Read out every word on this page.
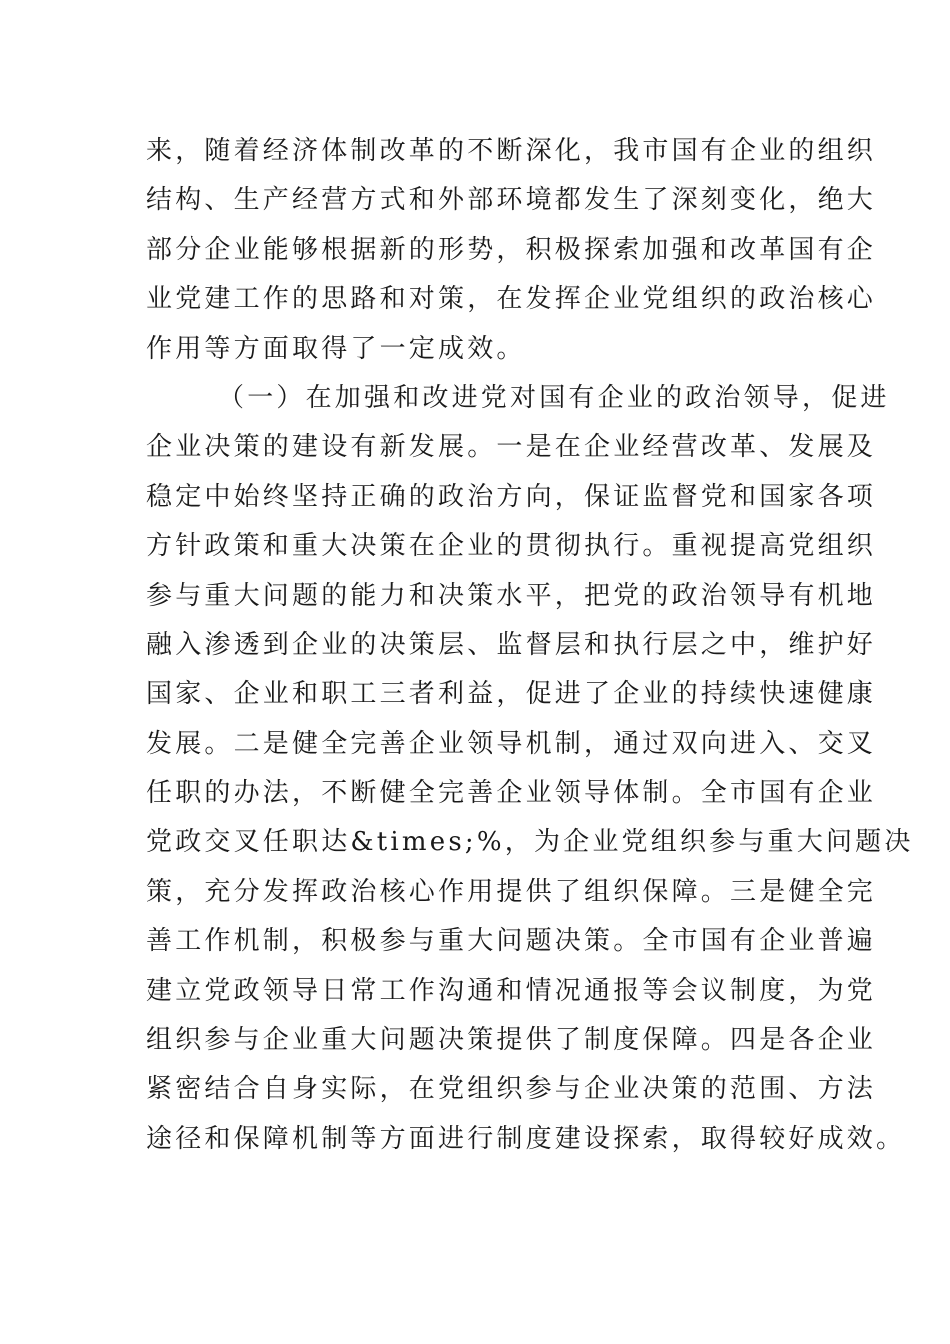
来，随着经济体制改革的不断深化，我市国有企业的组织
结构、生产经营方式和外部环境都发生了深刻变化，绝大
部分企业能够根据新的形势，积极探索加强和改革国有企
业党建工作的思路和对策，在发挥企业党组织的政治核心
作用等方面取得了一定成效。
（一）在加强和改进党对国有企业的政治领导，促进
企业决策的建设有新发展。一是在企业经营改革、发展及
稳定中始终坚持正确的政治方向，保证监督党和国家各项
方针政策和重大决策在企业的贯彻执行。重视提高党组织
参与重大问题的能力和决策水平，把党的政治领导有机地
融入渗透到企业的决策层、监督层和执行层之中，维护好
国家、企业和职工三者利益，促进了企业的持续快速健康
发展。二是健全完善企业领导机制，通过双向进入、交叉
任职的办法，不断健全完善企业领导体制。全市国有企业
党政交叉任职达&times;%，为企业党组织参与重大问题决
策，充分发挥政治核心作用提供了组织保障。三是健全完
善工作机制，积极参与重大问题决策。全市国有企业普遍
建立党政领导日常工作沟通和情况通报等会议制度，为党
组织参与企业重大问题决策提供了制度保障。四是各企业
紧密结合自身实际，在党组织参与企业决策的范围、方法
途径和保障机制等方面进行制度建设探索，取得较好成效。
